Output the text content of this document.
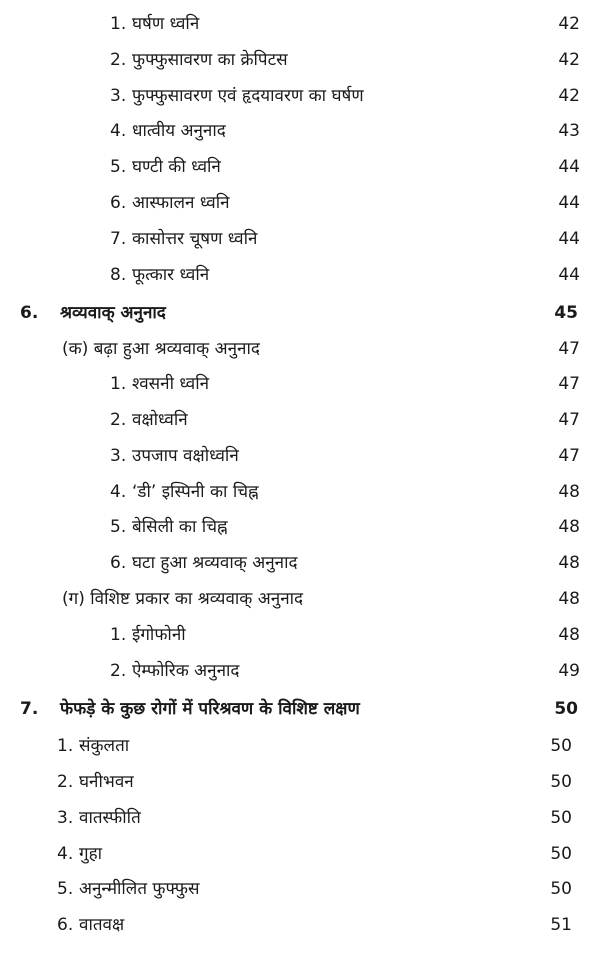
1. घर्षण ध्वनि	42
2. फुफ्फुसावरण का क्रेपिटस	42
3. फुफ्फुसावरण एवं हृदयावरण का घर्षण	42
4. धात्वीय अनुनाद	43
5. घण्टी की ध्वनि	44
6. आस्फालन ध्वनि	44
7. कासोत्तर चूषण ध्वनि	44
8. फूत्कार ध्वनि	44
6. श्रव्यवाक् अनुनाद	45
(क) बढ़ा हुआ श्रव्यवाक् अनुनाद	47
1. श्वसनी ध्वनि	47
2. वक्षोध्वनि	47
3. उपजाप वक्षोध्वनि	47
4. ‘डी’ इस्पिनी का चिह्न	48
5. बेसिली का चिह्न	48
6. घटा हुआ श्रव्यवाक् अनुनाद	48
(ग) विशिष्ट प्रकार का श्रव्यवाक् अनुनाद	48
1. ईगोफोनी	48
2. ऐम्फोरिक अनुनाद	49
7. फेफड़े के कुछ रोगों में परिश्रवण के विशिष्ट लक्षण	50
1. संकुलता	50
2. घनीभवन	50
3. वातस्फीति	50
4. गुहा	50
5. अनुन्मीलित फुफ्फुस	50
6. वातवक्ष	51
